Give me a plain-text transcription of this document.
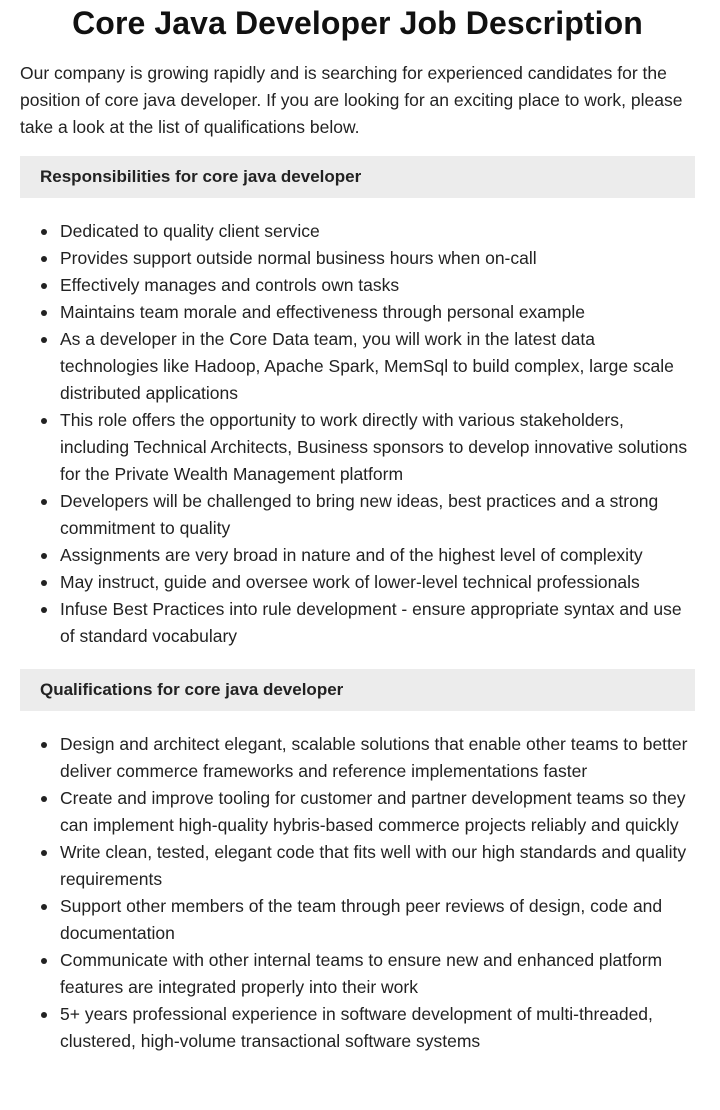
Core Java Developer Job Description

Our company is growing rapidly and is searching for experienced candidates for the position of core java developer. If you are looking for an exciting place to work, please take a look at the list of qualifications below.

Responsibilities for core java developer
Dedicated to quality client service
Provides support outside normal business hours when on-call
Effectively manages and controls own tasks
Maintains team morale and effectiveness through personal example
As a developer in the Core Data team, you will work in the latest data technologies like Hadoop, Apache Spark, MemSql to build complex, large scale distributed applications
This role offers the opportunity to work directly with various stakeholders, including Technical Architects, Business sponsors to develop innovative solutions for the Private Wealth Management platform
Developers will be challenged to bring new ideas, best practices and a strong commitment to quality
Assignments are very broad in nature and of the highest level of complexity
May instruct, guide and oversee work of lower-level technical professionals
Infuse Best Practices into rule development - ensure appropriate syntax and use of standard vocabulary
Qualifications for core java developer
Design and architect elegant, scalable solutions that enable other teams to better deliver commerce frameworks and reference implementations faster
Create and improve tooling for customer and partner development teams so they can implement high-quality hybris-based commerce projects reliably and quickly
Write clean, tested, elegant code that fits well with our high standards and quality requirements
Support other members of the team through peer reviews of design, code and documentation
Communicate with other internal teams to ensure new and enhanced platform features are integrated properly into their work
5+ years professional experience in software development of multi-threaded, clustered, high-volume transactional software systems
